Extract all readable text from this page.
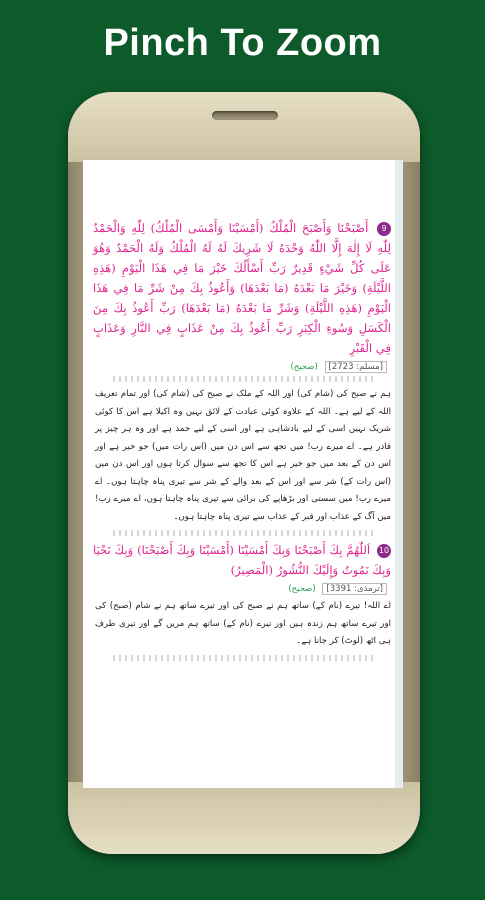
Pinch To Zoom
9 أَصْبَحْنَا وَأَصْبَحَ الْمُلْكُ (أَمْسَيْنَا وَأَمْسَى الْمُلْكُ) لِلّٰهِ وَالْحَمْدُ لِلّٰهِ لَا إِلٰهَ إِلَّا اللّٰهُ وَحْدَهُ لَا شَرِيكَ لَهُ لَهُ الْمُلْكُ وَلَهُ الْحَمْدُ وَهُوَ عَلَى كُلِّ شَيْءٍ قَدِيرٌ رَبِّ أَسْأَلُكَ خَيْرَ مَا فِي هَذَا الْيَوْمِ (هَذِهِ اللَّيْلَةِ) وَخَيْرَ مَا بَعْدَهُ (مَا بَعْدَهَا) وَأَعُوذُ بِكَ مِنْ شَرِّ مَا فِي هَذَا الْيَوْمِ (هَذِهِ اللَّيْلَةِ) وَشَرِّ مَا بَعْدَهُ (مَا بَعْدَهَا) رَبِّ أَعُوذُ بِكَ مِنَ الْكَسَلِ وَسُوءِ الْكِبَرِ رَبِّ أَعُوذُ بِكَ مِنْ عَذَابٍ فِي النَّارِ وَعَذَابٍ فِي الْقَبْرِ
[مسلم: 2723] (صحیح)
ہم نے صبح کی (شام کی) اور اللہ کے ملک نے صبح کی (شام کی) اور تمام تعریف اللہ کے لیے ہے۔ اللہ کے علاوہ کوئی عبادت کے لائق نہیں وہ اکیلا ہے اس کا کوئی شریک نہیں اسی کے لیے بادشاہی ہے اور اسی کے لیے حمد ہے اور وہ ہر چیز پر قادر ہے۔ اے میرے رب! میں تجھ سے اس دن میں (اس رات میں) جو خیر ہے اور اس دن کے بعد میں جو خیر ہے اس کا تجھ سے سوال کرتا ہوں اور اس دن میں (اس رات کے) شر سے اور اس کے بعد والے کے شر سے تیری پناہ چاہتا ہوں۔ اے میرے رب! میں سستی اور بڑھاپے کی برائی سے تیری پناہ چاہتا ہوں، اے میرے رب! میں آگ کے عذاب اور قبر کے عذاب سے تیری پناہ چاہتا ہوں۔
10 اَللّٰهُمَّ بِكَ أَصْبَحْنَا وَبِكَ أَمْسَيْنَا (أَمْسَيْنَا وَبِكَ أَصْبَحْنَا) وَبِكَ نَحْيَا وَبِكَ نَمُوتُ وَإِلَيْكَ النُّشُورُ (الْمَصِيرُ)
[ترمذی: 3391] (صحیح)
اے اللہ! تیرے (نام کے) ساتھ ہم نے صبح کی اور تیرے ساتھ ہم نے شام (صبح) کی اور تیرے ساتھ ہم زندہ ہیں اور تیرے (نام کے) ساتھ ہم مریں گے اور تیری طرف ہی اٹھ (لوٹ) کر جانا ہے۔
